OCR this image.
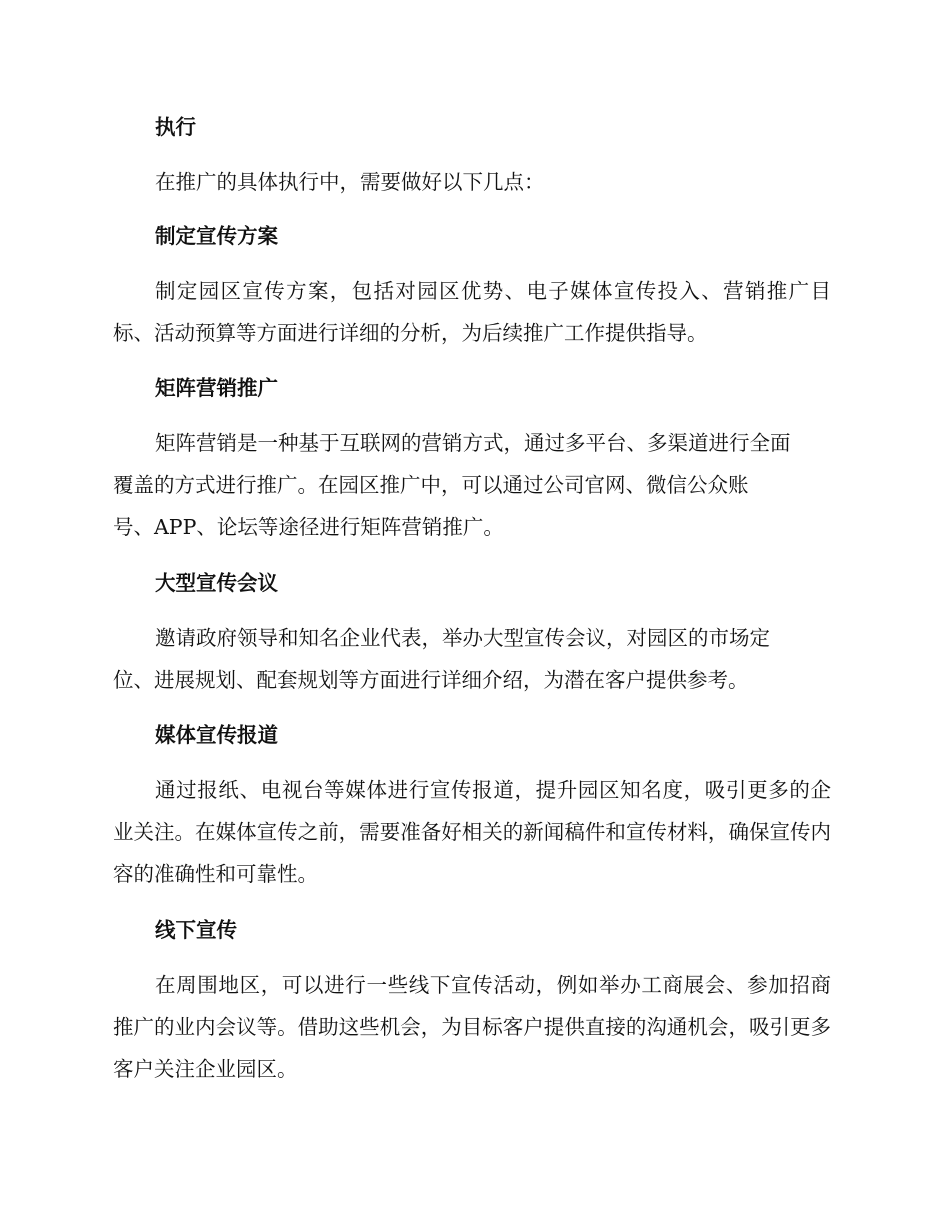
执行
在推广的具体执行中，需要做好以下几点：
制定宣传方案
制定园区宣传方案，包括对园区优势、电子媒体宣传投入、营销推广目标、活动预算等方面进行详细的分析，为后续推广工作提供指导。
矩阵营销推广
矩阵营销是一种基于互联网的营销方式，通过多平台、多渠道进行全面
覆盖的方式进行推广。在园区推广中，可以通过公司官网、微信公众账
号、APP、论坛等途径进行矩阵营销推广。
大型宣传会议
邀请政府领导和知名企业代表，举办大型宣传会议，对园区的市场定
位、进展规划、配套规划等方面进行详细介绍，为潜在客户提供参考。
媒体宣传报道
通过报纸、电视台等媒体进行宣传报道，提升园区知名度，吸引更多的企业关注。在媒体宣传之前，需要准备好相关的新闻稿件和宣传材料，确保宣传内容的准确性和可靠性。
线下宣传
在周围地区，可以进行一些线下宣传活动，例如举办工商展会、参加招商推广的业内会议等。借助这些机会，为目标客户提供直接的沟通机会，吸引更多客户关注企业园区。
